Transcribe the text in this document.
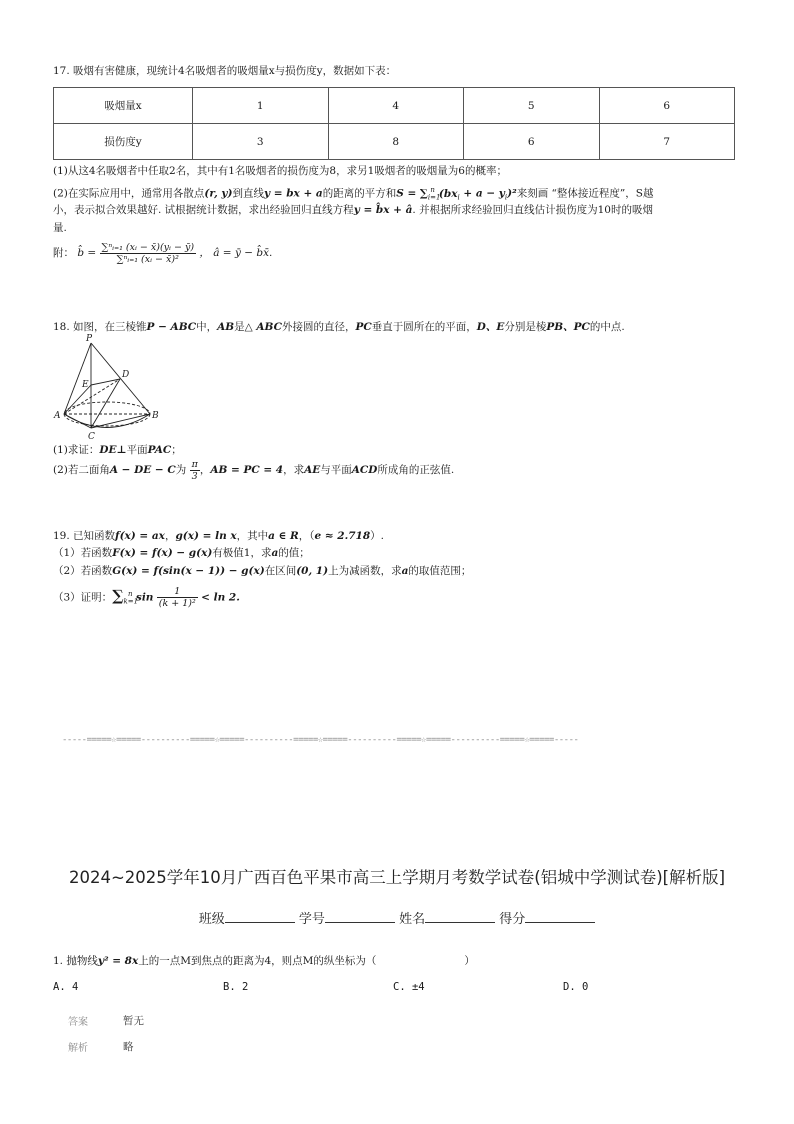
17. 吸烟有害健康，现统计4名吸烟者的吸烟量x与损伤度y，数据如下表：
吸烟量x	1	4	5	6
损伤度y	3	8	6	7
(1)从这4名吸烟者中任取2名，其中有1名吸烟者的损伤度为8，求另1吸烟者的吸烟量为6的概率；
(2)在实际应用中，通常用各散点(r, y)到直线y = bx + a的距离的平方和$S = \sum_{i=1}^n$ $(bx_i + a - y_i)^2$来刻画 “整体接近程度”，S越
小，表示拟合效果越好. 试根据统计数据，求出经验回归直线方程y = b̂x + â. 并根据所求经验回归直线估计损伤度为10时的吸烟
量.
附： b̂ = $\frac{\text{∑ⁿᵢ₌₁ (xᵢ − x̄)(yᵢ − ȳ)}}{\text{∑ⁿᵢ₌₁ (xᵢ − x̄)²}}$ ， â = ȳ − b̂x̄.
18. 如图，在三棱锥P − ABC中，AB是△ ABC外接圆的直径，PC垂直于圆所在的平面，D、E分别是棱PB、PC的中点.
P
E
D
A	B
C
(1)求证：DE⊥平面PAC；
(2)若二面角A − DE − C为 $\frac{\pi}{3}$ ，AB = PC = 4，求AE与平面ACD所成角的正弦值.
19. 已知函数f(x) = ax，g(x) = ln x，其中a ∈ R，（e ≈ 2.718）.
（1）若函数F(x) = f(x) − g(x)有极值1，求a的值；
（2）若函数G(x) = f(sin(x − 1)) − g(x)在区间(0, 1)上为减函数，求a的取值范围；
（3）证明：$\sum_{k=1}^n$ $\sin \frac{1}{\text{(k + 1)²}} < \ln 2$.
-----=====☆=====----------=====☆=====----------=====☆=====----------=====☆=====----------=====☆=====-----
2024~2025学年10月广西百色平果市高三上学期月考数学试卷(铝城中学测试卷)[解析版]
班级	学号	姓名	得分
1. 抛物线y² = 8x上的一点M到焦点的距离为4，则点M的纵坐标为（	）
A. 4	B. 2	C. ±4	D. 0
答案	暂无
解析	略
